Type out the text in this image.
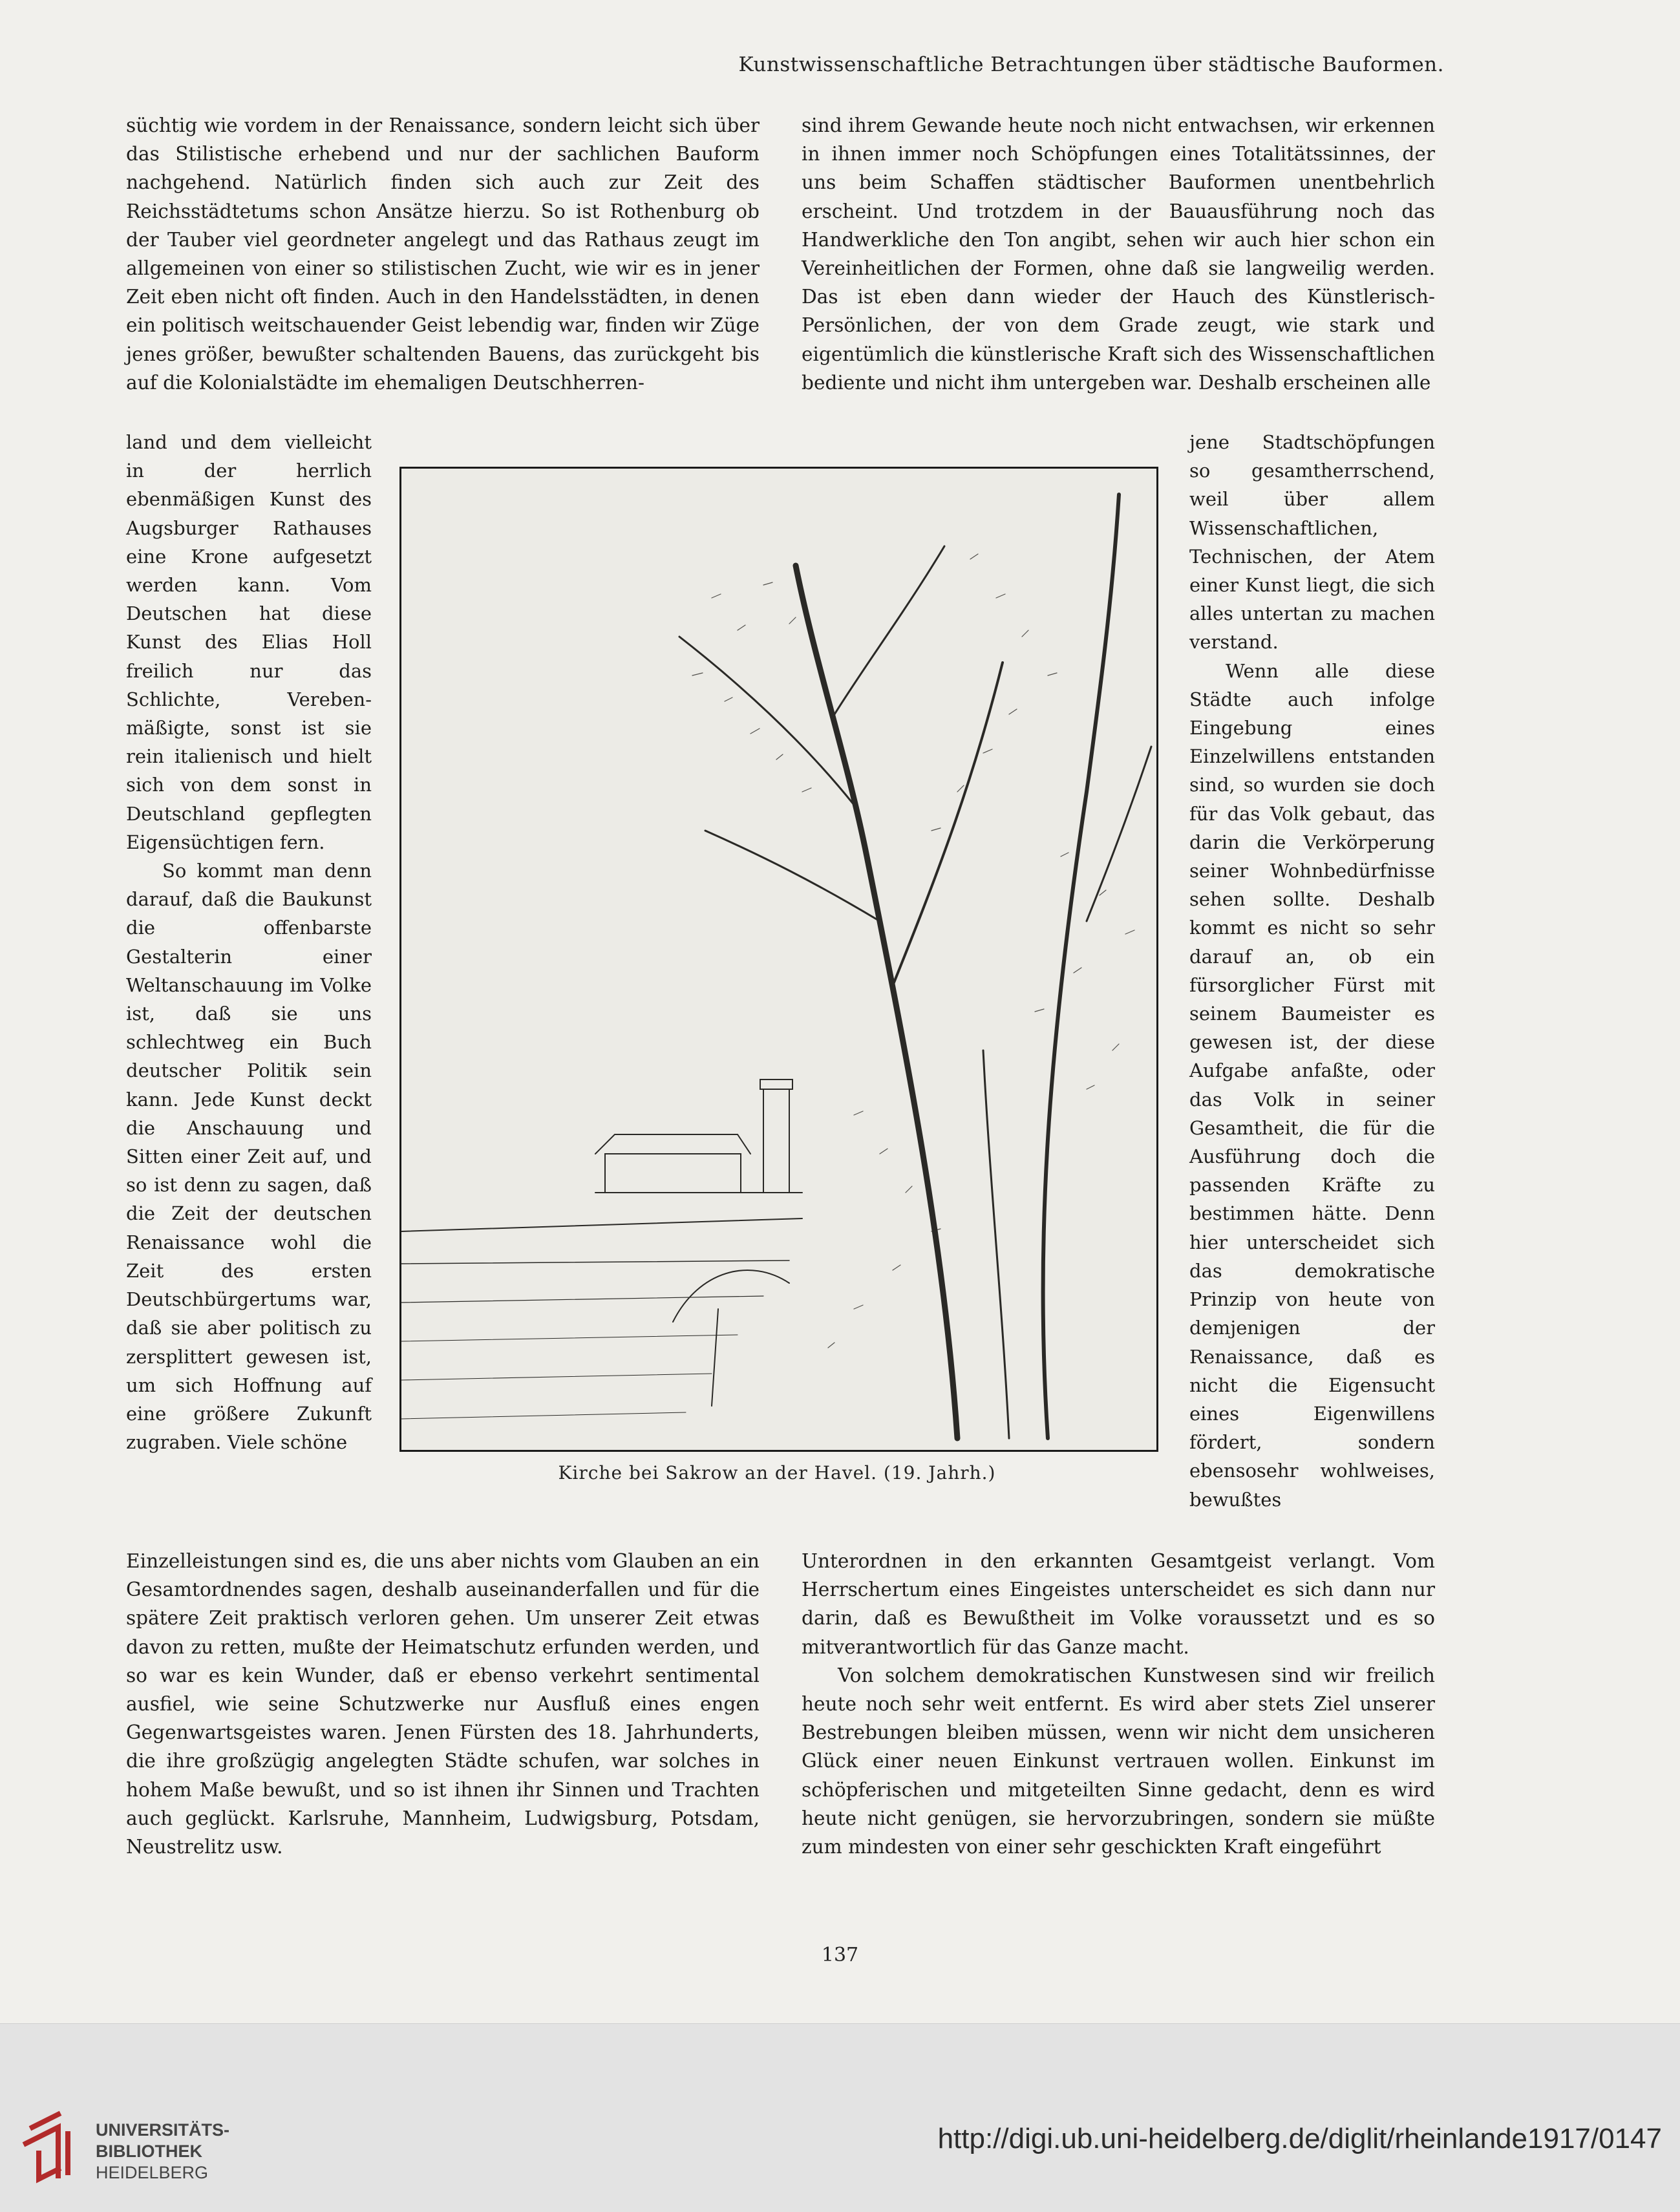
Kunstwissenschaftliche Betrachtungen über städtische Bauformen.

süchtig wie vordem in der Renaissance, sondern leicht sich über das Stilistische erhebend und nur der sachlichen Bauform nachgehend. Natürlich finden sich auch zur Zeit des Reichsstädtetums schon Ansätze hierzu. So ist Rothenburg ob der Tauber viel geordneter angelegt und das Rathaus zeugt im allgemeinen von einer so stilistischen Zucht, wie wir es in jener Zeit eben nicht oft finden. Auch in den Handelsstädten, in denen ein politisch weitschauender Geist lebendig war, finden wir Züge jenes größer, bewußter schaltenden Bauens, das zurückgeht bis auf die Kolonialstädte im ehemaligen Deutschherren-

sind ihrem Gewande heute noch nicht entwachsen, wir erkennen in ihnen immer noch Schöpfungen eines Totalitätssinnes, der uns beim Schaffen städtischer Bauformen unentbehrlich erscheint. Und trotzdem in der Bauausführung noch das Handwerkliche den Ton angibt, sehen wir auch hier schon ein Vereinheitlichen der Formen, ohne daß sie langweilig werden. Das ist eben dann wieder der Hauch des Künstlerisch-Persönlichen, der von dem Grade zeugt, wie stark und eigentümlich die künstlerische Kraft sich des Wissenschaftlichen bediente und nicht ihm untergeben war. Deshalb erscheinen alle

land und dem vielleicht in der herrlich ebenmäßigen Kunst des Augsburger Rathauses eine Krone aufgesetzt werden kann. Vom Deutschen hat diese Kunst des Elias Holl freilich nur das Schlichte, Vereben-mäßigte, sonst ist sie rein italienisch und hielt sich von dem sonst in Deutschland gepflegten Eigensüchtigen fern.

So kommt man denn darauf, daß die Baukunst die offenbarste Gestalterin einer Weltanschauung im Volke ist, daß sie uns schlechtweg ein Buch deutscher Politik sein kann. Jede Kunst deckt die Anschauung und Sitten einer Zeit auf, und so ist denn zu sagen, daß die Zeit der deutschen Renaissance wohl die Zeit des ersten Deutschbürgertums war, daß sie aber politisch zu zersplittert gewesen ist, um sich Hoffnung auf eine größere Zukunft zugraben. Viele schöne

jene Stadtschöpfungen so gesamtherrschend, weil über allem Wissenschaftlichen, Technischen, der Atem einer Kunst liegt, die sich alles untertan zu machen verstand.

Wenn alle diese Städte auch infolge Eingebung eines Einzelwillens entstanden sind, so wurden sie doch für das Volk gebaut, das darin die Verkörperung seiner Wohnbedürfnisse sehen sollte. Deshalb kommt es nicht so sehr darauf an, ob ein fürsorglicher Fürst mit seinem Baumeister es gewesen ist, der diese Aufgabe anfaßte, oder das Volk in seiner Gesamtheit, die für die Ausführung doch die passenden Kräfte zu bestimmen hätte. Denn hier unterscheidet sich das demokratische Prinzip von heute von demjenigen der Renaissance, daß es nicht die Eigensucht eines Eigenwillens fördert, sondern ebensosehr wohlweises, bewußtes

Kirche bei Sakrow an der Havel. (19. Jahrh.)

Einzelleistungen sind es, die uns aber nichts vom Glauben an ein Gesamtordnendes sagen, deshalb auseinanderfallen und für die spätere Zeit praktisch verloren gehen. Um unserer Zeit etwas davon zu retten, mußte der Heimatschutz erfunden werden, und so war es kein Wunder, daß er ebenso verkehrt sentimental ausfiel, wie seine Schutzwerke nur Ausfluß eines engen Gegenwartsgeistes waren. Jenen Fürsten des 18. Jahrhunderts, die ihre großzügig angelegten Städte schufen, war solches in hohem Maße bewußt, und so ist ihnen ihr Sinnen und Trachten auch geglückt. Karlsruhe, Mannheim, Ludwigsburg, Potsdam, Neustrelitz usw.

Unterordnen in den erkannten Gesamtgeist verlangt. Vom Herrschertum eines Eingeistes unterscheidet es sich dann nur darin, daß es Bewußtheit im Volke voraussetzt und es so mitverantwortlich für das Ganze macht.

Von solchem demokratischen Kunstwesen sind wir freilich heute noch sehr weit entfernt. Es wird aber stets Ziel unserer Bestrebungen bleiben müssen, wenn wir nicht dem unsicheren Glück einer neuen Einkunst vertrauen wollen. Einkunst im schöpferischen und mitgeteilten Sinne gedacht, denn es wird heute nicht genügen, sie hervorzubringen, sondern sie müßte zum mindesten von einer sehr geschickten Kraft eingeführt

137
UNIVERSITÄTS-
BIBLIOTHEK
HEIDELBERG
http://digi.ub.uni-heidelberg.de/diglit/rheinlande1917/0147
